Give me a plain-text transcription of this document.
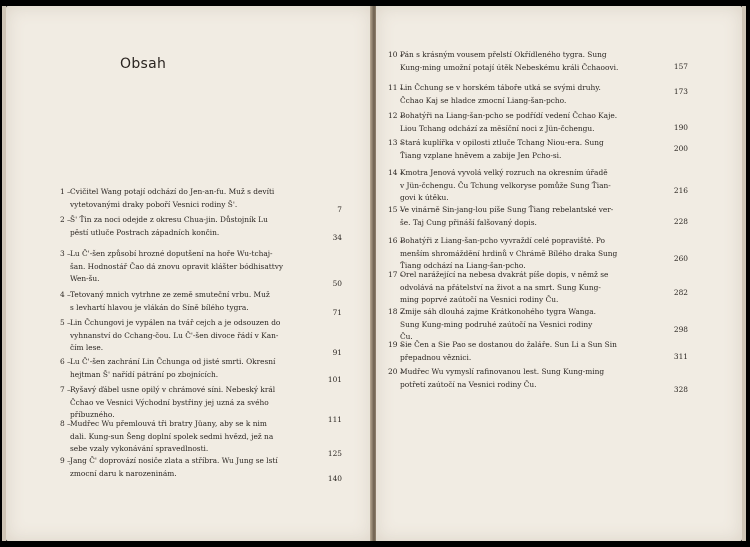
Obsah
1 – Cvičitel Wang potají odchází do Jen-an-fu. Muž s devíti
vytetovanými draky poboří Vesnici rodiny Š'.
7
2 – Š' Ťin za noci odejde z okresu Chua-jin. Důstojník Lu
pěstí utluče Postrach západních končin.
34
3 – Lu Č'-šen způsobí hrozné doputšení na hoře Wu-tchaj-
šan. Hodnostář Čao dá znovu opravit klášter bódhisattvy
Wen-šu.
50
4 – Tetovaný mnich vytrhne ze země smuteční vrbu. Muž
s levhartí hlavou je vlákán do Síně bílého tygra.
71
5 – Lin Čchungovi je vypálen na tvář cejch a je odsouzen do
vyhnanství do Cchang-čou. Lu Č'-šen divoce řádí v Kan-
čím lese.
91
6 – Lu Č'-šen zachrání Lin Čchunga od jisté smrti. Okresní
hejtman Š' nařídí pátrání po zbojnících.
101
7 – Ryšavý ďábel usne opilý v chrámové síni. Nebeský král
Čchao ve Vesnici Východní bystřiny jej uzná za svého
příbuzného.
111
8 – Mudřec Wu přemlouvá tři bratry Jüany, aby se k nim
dali. Kung-sun Šeng doplní spolek sedmi hvězd, jež na
sebe vzaly vykonávání spravedlnosti.
125
9 – Jang Č' doprovází nosiče zlata a stříbra. Wu Jung se lstí
zmocní daru k narozeninám.
140
10 –
Pán s krásným vousem přelstí Okřídleného tygra. Sung
Kung-ming umožní potají útěk Nebeskému králi Čchaoovi.	157
11 –
Lin Čchung se v horském táboře utká se svými druhy.
Čchao Kaj se hladce zmocní Liang-šan-pcho.
173
12 –
Bohatýři na Liang-šan-pcho se podřídí vedení Čchao Kaje.
Liou Tchang odchází za měsíční noci z Jün-čchengu.	190
13 –
Stará kuplířka v opilosti ztluče Tchang Niou-era. Sung
Ťiang vzplane hněvem a zabije Jen Pcho-si.
200
14 –
Kmotra Jenová vyvolá velký rozruch na okresním úřadě
v Jün-čchengu. Ču Tchung velkoryse pomůže Sung Ťian-
govi k útěku.
216
15 –
Ve vinárně Sin-jang-lou píše Sung Ťiang rebelantské ver-
še. Taj Cung přináší falšovaný dopis.	228
16 –
Bohatýři z Liang-šan-pcho vyvraždí celé popraviště. Po
menším shromáždění hrdinů v Chrámě Bílého draka Sung
Ťiang odchází na Liang-šan-pcho.
260
17 –
Orel narážející na nebesa dvakrát píše dopis, v němž se
odvolává na přátelství na život a na smrt. Sung Kung-
ming poprvé zaútočí na Vesnici rodiny Ču.
282
18 –
Zmije sáh dlouhá zajme Krátkonohého tygra Wanga.
Sung Kung-ming podruhé zaútočí na Vesnici rodiny
Ču.
298
19 –
Sie Čen a Sie Pao se dostanou do žaláře. Sun Li a Sun Sin
přepadnou věznici.	311
20 –
Mudřec Wu vymyslí rafinovanou lest. Sung Kung-ming
potřetí zaútočí na Vesnici rodiny Ču.
328
